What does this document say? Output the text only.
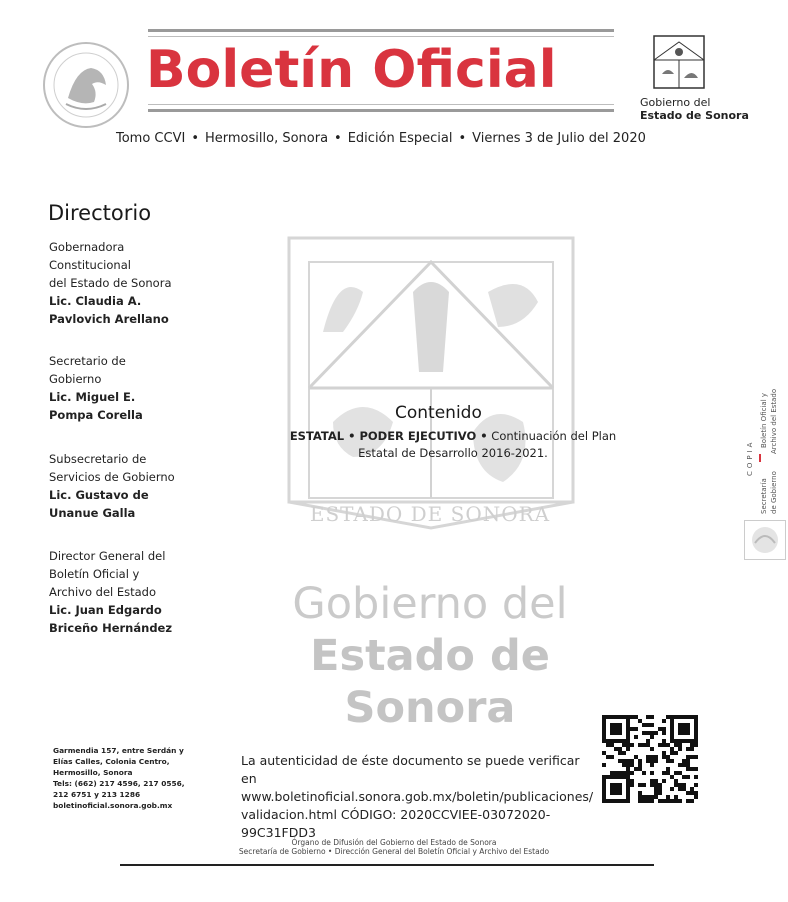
Boletín Oficial
Gobierno del
Estado de Sonora
Tomo CCVI • Hermosillo, Sonora • Edición Especial • Viernes 3 de Julio del 2020
ESTADO DE SONORA
Gobierno del
Estado de Sonora
Directorio
Gobernadora
Constitucional
del Estado de Sonora
Lic. Claudia A.
Pavlovich Arellano
Secretario de
Gobierno
Lic. Miguel E.
Pompa Corella
Subsecretario de
Servicios de Gobierno
Lic. Gustavo de
Unanue Galla
Director General del
Boletín Oficial y
Archivo del Estado
Lic. Juan Edgardo
Briceño Hernández
Contenido
ESTATAL • PODER EJECUTIVO • Continuación del Plan
Estatal de Desarrollo 2016-2021.	COPIA
Boletín Oficial y Archivo del Estado
Secretaría de Gobierno
Garmendia 157, entre Serdán y
Elías Calles, Colonia Centro,
Hermosillo, Sonora
Tels: (662) 217 4596, 217 0556,
212 6751 y 213 1286
boletinoficial.sonora.gob.mx
La autenticidad de éste documento se puede verificar en
www.boletinoficial.sonora.gob.mx/boletin/publicaciones/
validacion.html CÓDIGO: 2020CCVIEE-03072020-99C31FDD3
Órgano de Difusión del Gobierno del Estado de Sonora
Secretaría de Gobierno • Dirección General del Boletín Oficial y Archivo del Estado
